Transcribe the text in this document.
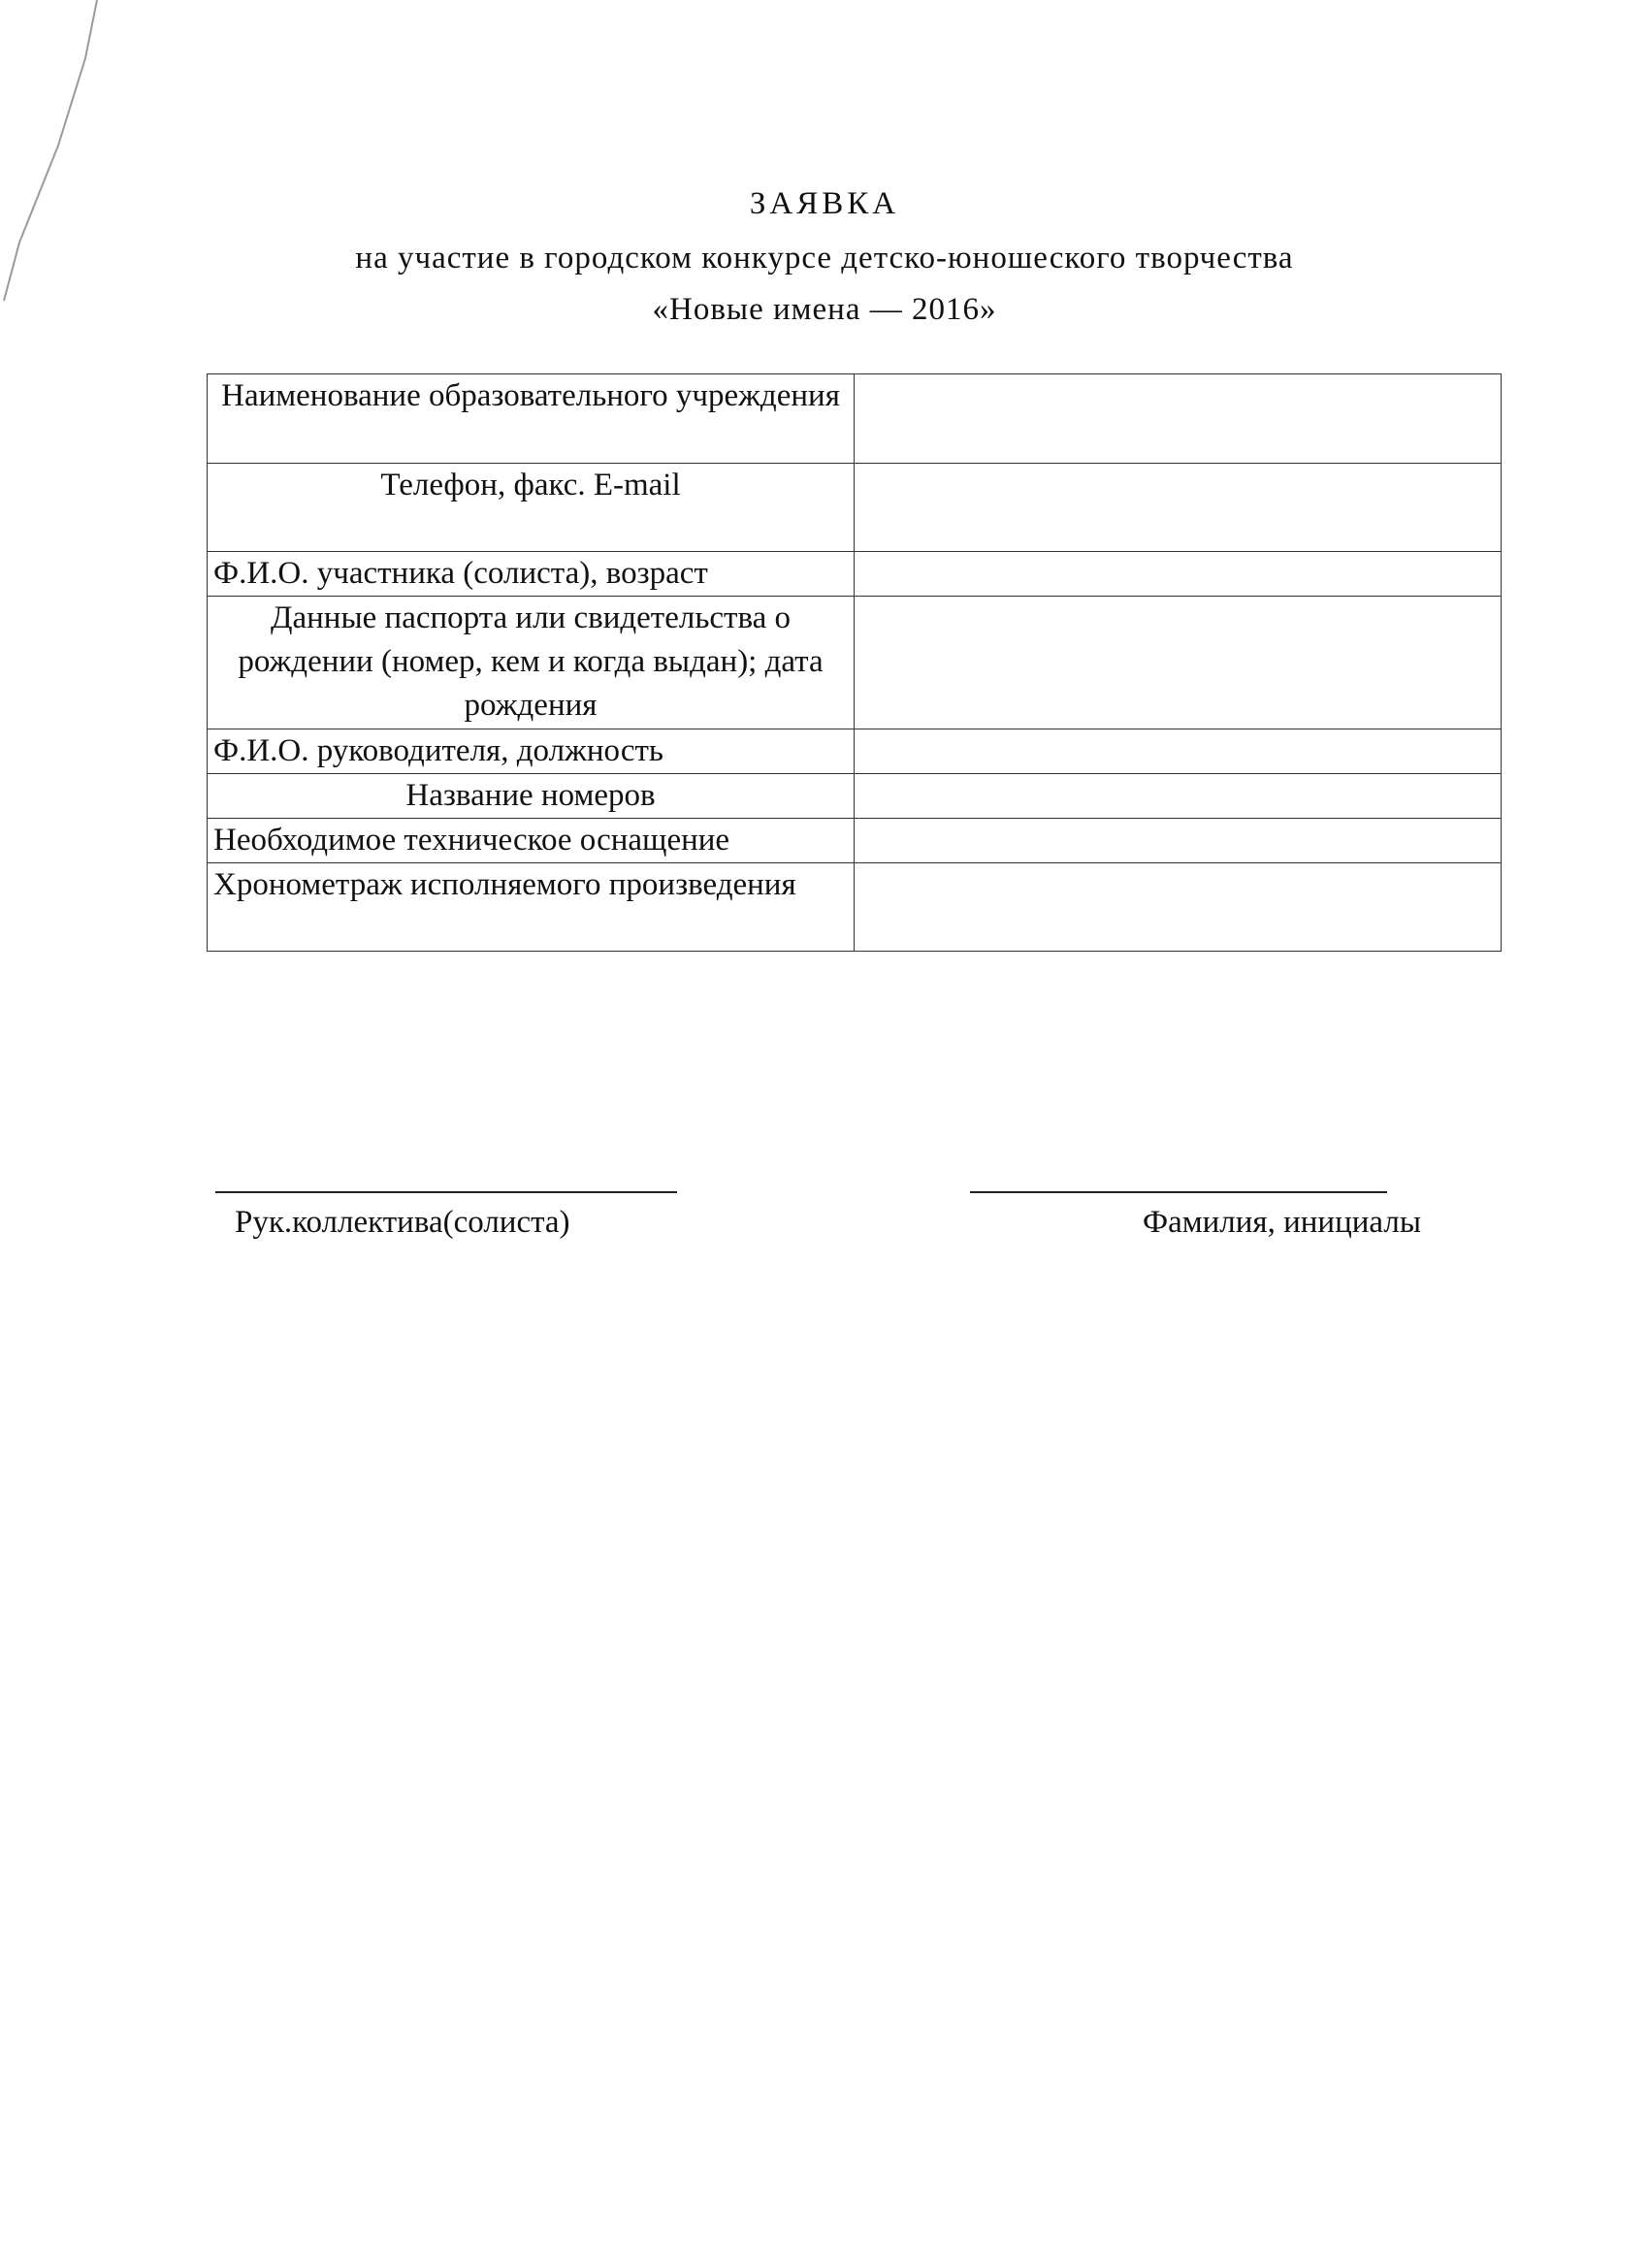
ЗАЯВКА
на участие в городском конкурсе детско-юношеского творчества
«Новые имена — 2016»
Наименование образовательного учреждения	
Телефон, факс. E-mail	
Ф.И.О. участника (солиста), возраст	
Данные паспорта или свидетельства о рождении (номер, кем и когда выдан); дата рождения	
Ф.И.О. руководителя, должность	
Название номеров	
Необходимое техническое оснащение	
Хронометраж исполняемого произведения	
Рук.коллектива(солиста)	Фамилия, инициалы
